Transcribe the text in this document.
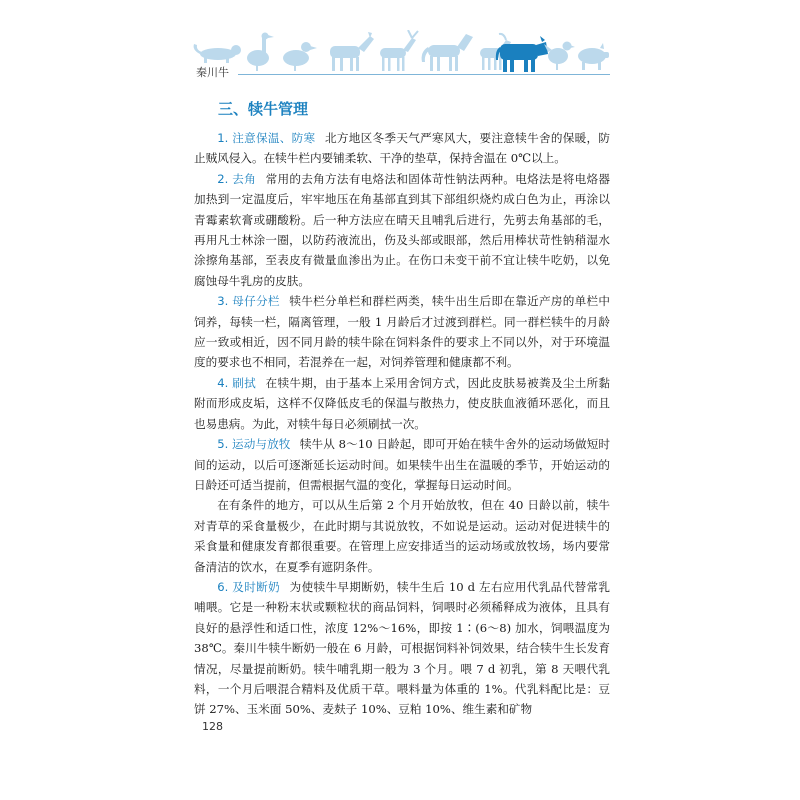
秦川牛
三、犊牛管理

1. 注意保温、防寒 北方地区冬季天气严寒风大，要注意犊牛舍的保暖，防止贼风侵入。在犊牛栏内要铺柔软、干净的垫草，保持舍温在 0℃以上。

2. 去角 常用的去角方法有电烙法和固体苛性钠法两种。电烙法是将电烙器加热到一定温度后，牢牢地压在角基部直到其下部组织烧灼成白色为止，再涂以青霉素软膏或硼酸粉。后一种方法应在晴天且哺乳后进行，先剪去角基部的毛，再用凡士林涂一圈，以防药液流出，伤及头部或眼部，然后用棒状苛性钠稍湿水涂擦角基部，至表皮有微量血渗出为止。在伤口未变干前不宜让犊牛吃奶，以免腐蚀母牛乳房的皮肤。

3. 母仔分栏 犊牛栏分单栏和群栏两类，犊牛出生后即在靠近产房的单栏中饲养，每犊一栏，隔离管理，一般 1 月龄后才过渡到群栏。同一群栏犊牛的月龄应一致或相近，因不同月龄的犊牛除在饲料条件的要求上不同以外，对于环境温度的要求也不相同，若混养在一起，对饲养管理和健康都不利。

4. 刷拭 在犊牛期，由于基本上采用舍饲方式，因此皮肤易被粪及尘土所黏附而形成皮垢，这样不仅降低皮毛的保温与散热力，使皮肤血液循环恶化，而且也易患病。为此，对犊牛每日必须刷拭一次。

5. 运动与放牧 犊牛从 8～10 日龄起，即可开始在犊牛舍外的运动场做短时间的运动，以后可逐渐延长运动时间。如果犊牛出生在温暖的季节，开始运动的日龄还可适当提前，但需根据气温的变化，掌握每日运动时间。

在有条件的地方，可以从生后第 2 个月开始放牧，但在 40 日龄以前，犊牛对青草的采食量极少，在此时期与其说放牧，不如说是运动。运动对促进犊牛的采食量和健康发育都很重要。在管理上应安排适当的运动场或放牧场，场内要常备清洁的饮水，在夏季有遮阴条件。

6. 及时断奶 为使犊牛早期断奶，犊牛生后 10 d 左右应用代乳品代替常乳哺喂。它是一种粉末状或颗粒状的商品饲料，饲喂时必须稀释成为液体，且具有良好的悬浮性和适口性，浓度 12%～16%，即按 1∶(6～8) 加水，饲喂温度为 38℃。秦川牛犊牛断奶一般在 6 月龄，可根据饲料补饲效果，结合犊牛生长发育情况，尽量提前断奶。犊牛哺乳期一般为 3 个月。喂 7 d 初乳，第 8 天喂代乳料，一个月后喂混合精料及优质干草。喂料量为体重的 1%。代乳料配比是：豆饼 27%、玉米面 50%、麦麸子 10%、豆粕 10%、维生素和矿物

128
